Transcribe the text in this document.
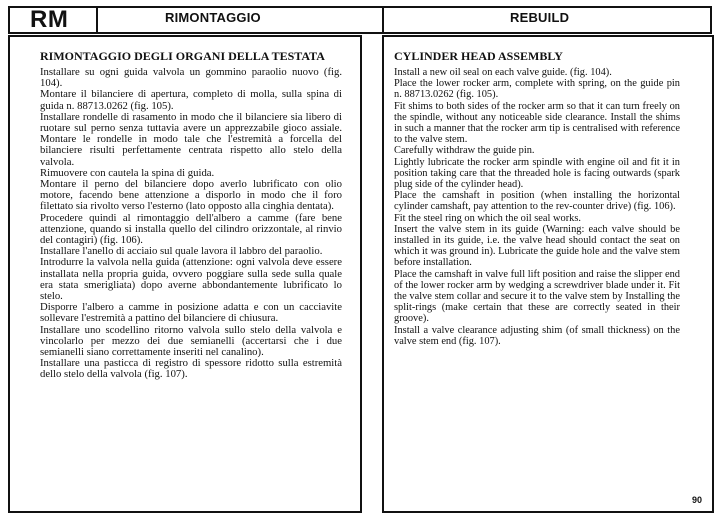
RM	RIMONTAGGIO	REBUILD
RIMONTAGGIO DEGLI ORGANI DELLA TESTATA

Installare su ogni guida valvola un gommino paraolio nuovo (fig. 104).

Montare il bilanciere di apertura, completo di molla, sulla spina di guida n. 88713.0262 (fig. 105).

Installare rondelle di rasamento in modo che il bilanciere sia libero di ruotare sul perno senza tuttavia avere un apprezzabile gioco assiale. Montare le rondelle in modo tale che l'estremità a forcella del bilanciere risulti perfettamente centrata rispetto allo stelo della valvola.

Rimuovere con cautela la spina di guida.

Montare il perno del bilanciere dopo averlo lubrificato con olio motore, facendo bene attenzione a disporlo in modo che il foro filettato sia rivolto verso l'esterno (lato opposto alla cinghia dentata).

Procedere quindi al rimontaggio dell'albero a camme (fare bene attenzione, quando si installa quello del cilindro orizzontale, al rinvio del contagiri) (fig. 106).

Installare l'anello di acciaio sul quale lavora il labbro del paraolio.

Introdurre la valvola nella guida (attenzione: ogni valvola deve essere installata nella propria guida, ovvero poggiare sulla sede sulla quale era stata smerigliata) dopo averne abbondantemente lubrificato lo stelo.

Disporre l'albero a camme in posizione adatta e con un cacciavite sollevare l'estremità a pattino del bilanciere di chiusura.

Installare uno scodellino ritorno valvola sullo stelo della valvola e vincolarlo per mezzo dei due semianelli (accertarsi che i due semianelli siano correttamente inseriti nel canalino).

Installare una pasticca di registro di spessore ridotto sulla estremità dello stelo della valvola (fig. 107).

CYLINDER HEAD ASSEMBLY

Install a new oil seal on each valve guide. (fig. 104).

Place the lower rocker arm, complete with spring, on the guide pin n. 88713.0262 (fig. 105).

Fit shims to both sides of the rocker arm so that it can turn freely on the spindle, without any noticeable side clearance. Install the shims in such a manner that the rocker arm tip is centralised with reference to the valve stem.

Carefully withdraw the guide pin.

Lightly lubricate the rocker arm spindle with engine oil and fit it in position taking care that the threaded hole is facing outwards (spark plug side of the cylinder head).

Place the camshaft in position (when installing the horizontal cylinder camshaft, pay attention to the rev-counter drive) (fig. 106).

Fit the steel ring on which the oil seal works.

Insert the valve stem in its guide (Warning: each valve should be installed in its guide, i.e. the valve head should contact the seat on which it was ground in). Lubricate the guide hole and the valve stem before installation.

Place the camshaft in valve full lift position and raise the slipper end of the lower rocker arm by wedging a screwdriver blade under it. Fit the valve stem collar and secure it to the valve stem by Installing the split-rings (make certain that these are correctly seated in their groove).

Install a valve clearance adjusting shim (of small thickness) on the valve stem end (fig. 107).

90
